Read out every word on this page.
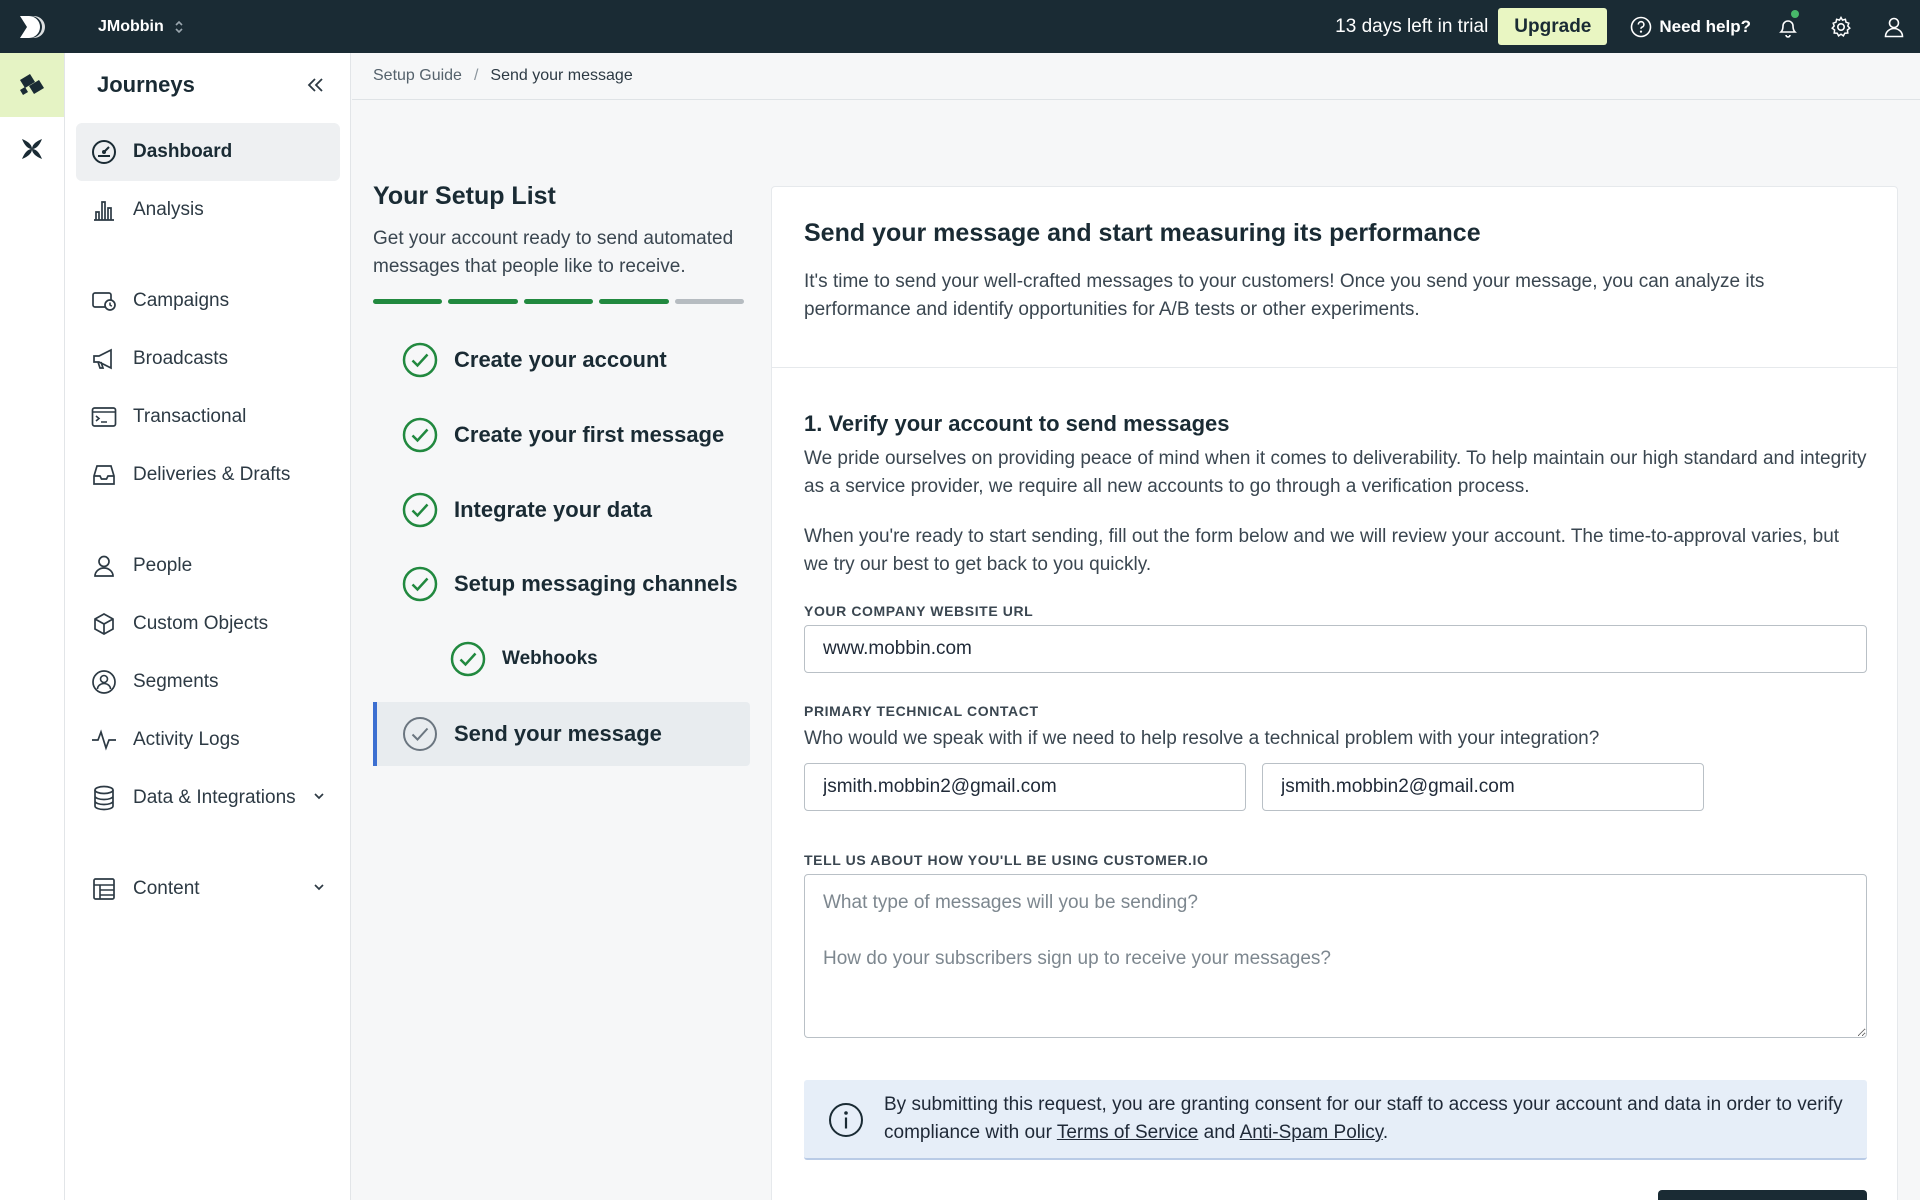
JMobbin	13 days left in trial	Upgrade	Need help?
Journeys
Dashboard
Analysis
Campaigns
Broadcasts
Transactional
Deliveries & Drafts
People
Custom Objects
Segments
Activity Logs
Data & Integrations
Content
Setup Guide / Send your message
Your Setup List

Get your account ready to send automated messages that people like to receive.

Create your account
Create your first message
Integrate your data
Setup messaging channels
Webhooks
Send your message
Send your message and start measuring its performance

It's time to send your well-crafted messages to your customers! Once you send your message, you can analyze its performance and identify opportunities for A/B tests or other experiments.

1. Verify your account to send messages

We pride ourselves on providing peace of mind when it comes to deliverability. To help maintain our high standard and integrity as a service provider, we require all new accounts to go through a verification process.

When you're ready to start sending, fill out the form below and we will review your account. The time-to-approval varies, but we try our best to get back to you quickly.

YOUR COMPANY WEBSITE URL
www.mobbin.com
PRIMARY TECHNICAL CONTACT

Who would we speak with if we need to help resolve a technical problem with your integration?

jsmith.mobbin2@gmail.com
jsmith.mobbin2@gmail.com
TELL US ABOUT HOW YOU'LL BE USING CUSTOMER.IO
What type of messages will you be sending? How do your subscribers sign up to receive your messages?

By submitting this request, you are granting consent for our staff to access your account and data in order to verify compliance with our Terms of Service and Anti-Spam Policy.
